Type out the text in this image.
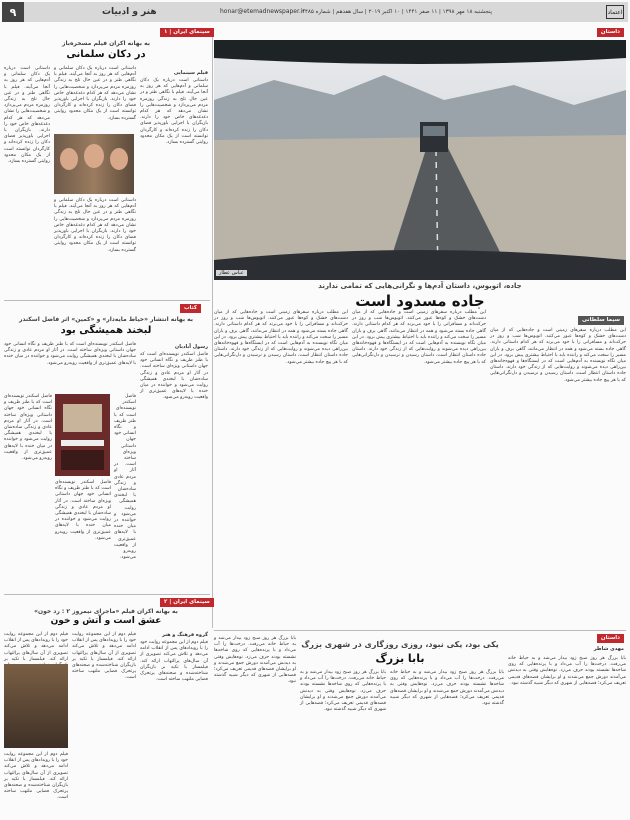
۹	هنر و ادبیات	honar@etemadnewspaper.ir
پنجشنبه ۱۸ مهر ۱۳۹۸ | ۱۱ صفر ۱۴۴۱ | ۱۰ اکتبر ۲۰۱۹ | سال هفدهم | شماره ۴۴۸۵	اعتماد
داستان
عباس عطار
جاده، اتوبوس، داستان آدم‌ها و نگرانی‌هایی كه تمامی ندارند
جاده مسدود است
سیما سلطانی
این مطلب درباره سفرهای زمینی است و جاده‌هایی كه از میان دشت‌های خشک و كوه‌ها عبور می‌كنند. اتوبوس‌ها شب و روز در حركت‌اند و مسافرانی را با خود می‌برند كه هر كدام داستانی دارند. گاهی جاده بسته می‌شود و همه در انتظار می‌مانند، گاهی برف و باران مسیر را سخت می‌كند و راننده باید با احتیاط بیشتری پیش برود. در این میان نگاه نویسنده به آدم‌هایی است كه در ایستگاه‌ها و قهوه‌خانه‌های بین‌راهی دیده می‌شوند و روایت‌هایی كه از زندگی خود دارند. داستان جاده داستان انتظار است، داستان رسیدن و نرسیدن و دل‌نگرانی‌هایی كه با هر پیچ جاده بیشتر می‌شود.
این مطلب درباره سفرهای زمینی است و جاده‌هایی كه از میان دشت‌های خشک و كوه‌ها عبور می‌كنند. اتوبوس‌ها شب و روز در حركت‌اند و مسافرانی را با خود می‌برند كه هر كدام داستانی دارند. گاهی جاده بسته می‌شود و همه در انتظار می‌مانند، گاهی برف و باران مسیر را سخت می‌كند و راننده باید با احتیاط بیشتری پیش برود. در این میان نگاه نویسنده به آدم‌هایی است كه در ایستگاه‌ها و قهوه‌خانه‌های بین‌راهی دیده می‌شوند و روایت‌هایی كه از زندگی خود دارند. داستان جاده داستان انتظار است، داستان رسیدن و نرسیدن و دل‌نگرانی‌هایی كه با هر پیچ جاده بیشتر می‌شود.
این مطلب درباره سفرهای زمینی است و جاده‌هایی كه از میان دشت‌های خشک و كوه‌ها عبور می‌كنند. اتوبوس‌ها شب و روز در حركت‌اند و مسافرانی را با خود می‌برند كه هر كدام داستانی دارند. گاهی جاده بسته می‌شود و همه در انتظار می‌مانند، گاهی برف و باران مسیر را سخت می‌كند و راننده باید با احتیاط بیشتری پیش برود. در این میان نگاه نویسنده به آدم‌هایی است كه در ایستگاه‌ها و قهوه‌خانه‌های بین‌راهی دیده می‌شوند و روایت‌هایی كه از زندگی خود دارند. داستان جاده داستان انتظار است، داستان رسیدن و نرسیدن و دل‌نگرانی‌هایی كه با هر پیچ جاده بیشتر می‌شود.
سینمای ایران | ۱
به بهانه اكران فیلم مسخره‌باز
در دكان سلمانی
فیلم سینمایی
داستانی است درباره یک دكان سلمانی و آدم‌هایی كه هر روز به آنجا می‌آیند. فیلم با نگاهی طنز و در عین حال تلخ به زندگی روزمره مردم می‌پردازد و شخصیت‌هایی را نشان می‌دهد كه هر كدام دغدغه‌های خاص خود را دارند. بازیگران با اجرایی باورپذیر فضای دكان را زنده كرده‌اند و كارگردان توانسته است از یک مكان محدود روایتی گسترده بسازد.
داستانی است درباره یک دكان سلمانی و آدم‌هایی كه هر روز به آنجا می‌آیند. فیلم با نگاهی طنز و در عین حال تلخ به زندگی روزمره مردم می‌پردازد و شخصیت‌هایی را نشان می‌دهد كه هر كدام دغدغه‌های خاص خود را دارند. بازیگران با اجرایی باورپذیر فضای دكان را زنده كرده‌اند و كارگردان توانسته است از یک مكان محدود روایتی گسترده بسازد.
داستانی است درباره یک دكان سلمانی و آدم‌هایی كه هر روز به آنجا می‌آیند. فیلم با نگاهی طنز و در عین حال تلخ به زندگی روزمره مردم می‌پردازد و شخصیت‌هایی را نشان می‌دهد كه هر كدام دغدغه‌های خاص خود را دارند. بازیگران با اجرایی باورپذیر فضای دكان را زنده كرده‌اند و كارگردان توانسته است از یک مكان محدود روایتی گسترده بسازد.
داستانی است درباره یک دكان سلمانی و آدم‌هایی كه هر روز به آنجا می‌آیند. فیلم با نگاهی طنز و در عین حال تلخ به زندگی روزمره مردم می‌پردازد و شخصیت‌هایی را نشان می‌دهد كه هر كدام دغدغه‌های خاص خود را دارند. بازیگران با اجرایی باورپذیر فضای دكان را زنده كرده‌اند و كارگردان توانسته است از یک مكان محدود روایتی گسترده بسازد.
كتاب
به بهانه انتشار «خیاط مایه‌دار» و «كمین» اثر فاضل اسكندر
لبخند همیشگی بود
رسول آبادیان
فاضل اسكندر نویسنده‌ای است كه با طنز ظریف و نگاه انسانی خود جهان داستانی ویژه‌ای ساخته است. در آثار او مردم عادی و زندگی ساده‌شان با لبخندی همیشگی روایت می‌شود و خواننده در میان خنده با لایه‌های عمیق‌تری از واقعیت روبه‌رو می‌شود.
فاضل اسكندر نویسنده‌ای است كه با طنز ظریف و نگاه انسانی خود جهان داستانی ویژه‌ای ساخته است. در آثار او مردم عادی و زندگی ساده‌شان با لبخندی همیشگی روایت می‌شود و خواننده در میان خنده با لایه‌های عمیق‌تری از واقعیت روبه‌رو می‌شود.
فاضل اسكندر نویسنده‌ای است كه با طنز ظریف و نگاه انسانی خود جهان داستانی ویژه‌ای ساخته است. در آثار او مردم عادی و زندگی ساده‌شان با لبخندی همیشگی روایت می‌شود و خواننده در میان خنده با لایه‌های عمیق‌تری از واقعیت روبه‌رو می‌شود.
فاضل اسكندر نویسنده‌ای است كه با طنز ظریف و نگاه انسانی خود جهان داستانی ویژه‌ای ساخته است. در آثار او مردم عادی و زندگی ساده‌شان با لبخندی همیشگی روایت می‌شود و خواننده در میان خنده با لایه‌های عمیق‌تری از واقعیت روبه‌رو می‌شود.
فاضل اسكندر نویسنده‌ای است كه با طنز ظریف و نگاه انسانی خود جهان داستانی ویژه‌ای ساخته است. در آثار او مردم عادی و زندگی ساده‌شان با لبخندی همیشگی روایت می‌شود و خواننده در میان خنده با لایه‌های عمیق‌تری از واقعیت روبه‌رو می‌شود.
سینمای ایران | ۲
به بهانه اكران فیلم «ماجرای نیمروز ۲ : رد خون»
عشق است و آتش و خون
گروه فرهنگ و هنر
فیلم دوم از این مجموعه روایت خود را با رویدادهای پس از انقلاب ادامه می‌دهد و تلاش می‌كند تصویری از آن سال‌های پرالتهاب ارائه كند. فیلمساز با تكیه بر بازیگران شناخته‌شده و صحنه‌های پرتحرک فضایی ملتهب ساخته است.
فیلم دوم از این مجموعه روایت خود را با رویدادهای پس از انقلاب ادامه می‌دهد و تلاش می‌كند تصویری از آن سال‌های پرالتهاب ارائه كند. فیلمساز با تكیه بر بازیگران شناخته‌شده و صحنه‌های پرتحرک فضایی ملتهب ساخته است.
فیلم دوم از این مجموعه روایت خود را با رویدادهای پس از انقلاب ادامه می‌دهد و تلاش می‌كند تصویری از آن سال‌های پرالتهاب ارائه كند. فیلمساز با تكیه بر
فیلم دوم از این مجموعه روایت خود را با رویدادهای پس از انقلاب ادامه می‌دهد و تلاش می‌كند تصویری از آن سال‌های پرالتهاب ارائه كند. فیلمساز با تكیه بر بازیگران شناخته‌شده و صحنه‌های پرتحرک فضایی ملتهب ساخته است.
داستان
مهدی شاطر
یكی بود، یكی نبود، روزی روزگاری در شهری بزرگ
بابا بزرگ	بابا بزرگ هر روز صبح زود بیدار می‌شد و به حیاط خانه می‌رفت. درخت‌ها را آب می‌داد و با پرنده‌هایی كه روی شاخه‌ها نشسته بودند حرف می‌زد. نوه‌هایش وقتی به دیدنش می‌آمدند دورش جمع می‌شدند و او برایشان قصه‌های قدیمی تعریف می‌كرد؛ قصه‌هایی از شهری كه دیگر شبیه گذشته نبود.
بابا بزرگ هر روز صبح زود بیدار می‌شد و به حیاط خانه می‌رفت. درخت‌ها را آب می‌داد و با پرنده‌هایی كه روی شاخه‌ها نشسته بودند حرف می‌زد. نوه‌هایش وقتی به دیدنش می‌آمدند دورش جمع می‌شدند و او برایشان قصه‌های قدیمی تعریف می‌كرد؛ قصه‌هایی از شهری كه دیگر شبیه گذشته نبود.
بابا بزرگ هر روز صبح زود بیدار می‌شد و به حیاط خانه می‌رفت. درخت‌ها را آب می‌داد و با پرنده‌هایی كه روی شاخه‌ها نشسته بودند حرف می‌زد. نوه‌هایش وقتی به دیدنش می‌آمدند دورش جمع می‌شدند و او برایشان قصه‌های قدیمی تعریف می‌كرد؛ قصه‌هایی از شهری كه دیگر شبیه گذشته نبود.
بابا بزرگ هر روز صبح زود بیدار می‌شد و به حیاط خانه می‌رفت. درخت‌ها را آب می‌داد و با پرنده‌هایی كه روی شاخه‌ها نشسته بودند حرف می‌زد. نوه‌هایش وقتی به دیدنش می‌آمدند دورش جمع می‌شدند و او برایشان قصه‌های قدیمی تعریف می‌كرد؛ قصه‌هایی از شهری كه دیگر شبیه گذشته نبود.
